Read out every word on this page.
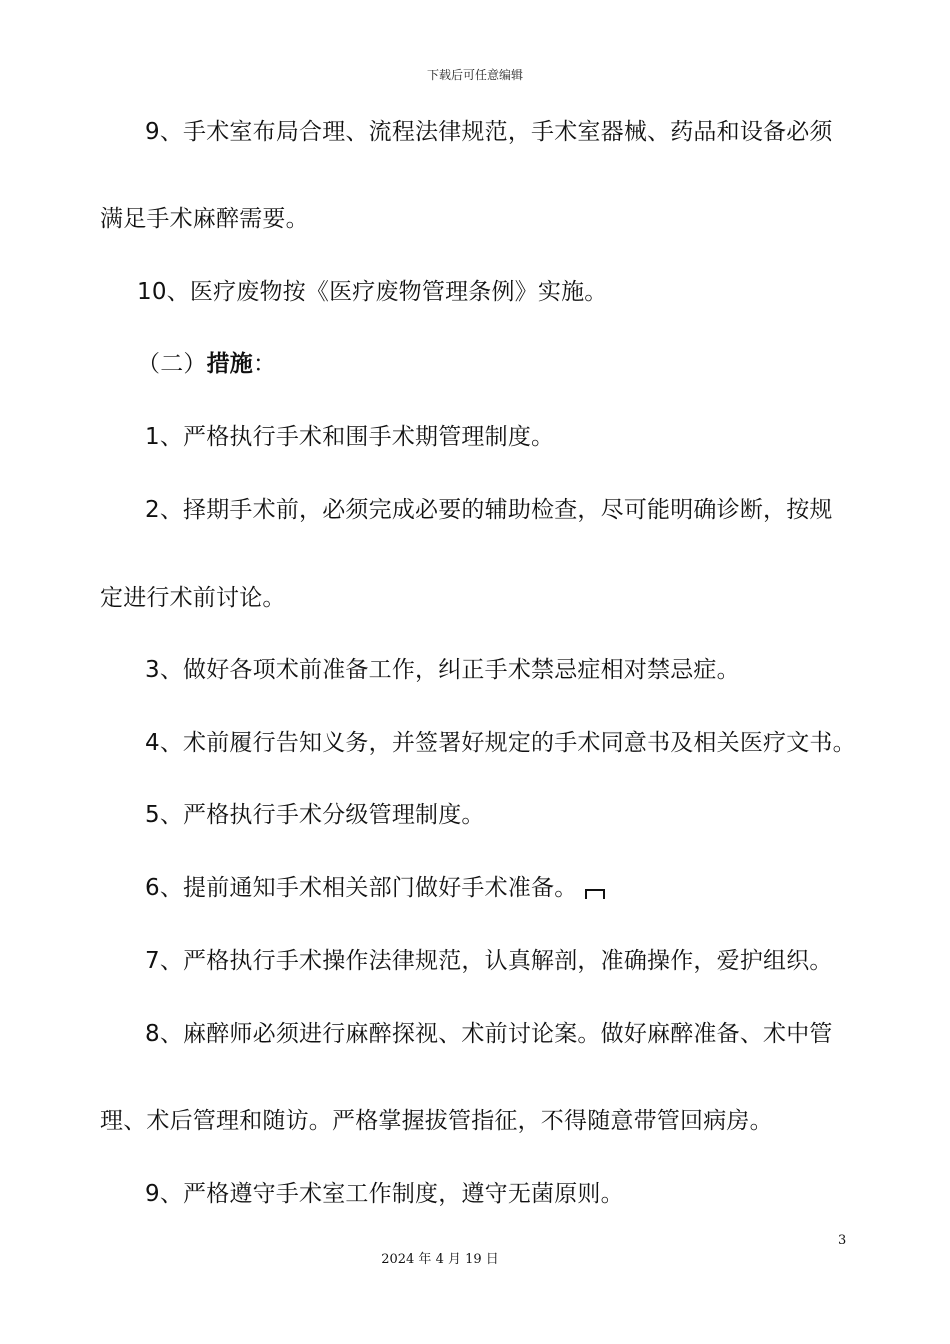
下载后可任意编辑
9、手术室布局合理、流程法律规范，手术室器械、药品和设备必须
满足手术麻醉需要。
10、医疗废物按《医疗废物管理条例》实施。
（二）措施：
1、严格执行手术和围手术期管理制度。
2、择期手术前，必须完成必要的辅助检查，尽可能明确诊断，按规
定进行术前讨论。
3、做好各项术前准备工作，纠正手术禁忌症相对禁忌症。
4、术前履行告知义务，并签署好规定的手术同意书及相关医疗文书。
5、严格执行手术分级管理制度。
6、提前通知手术相关部门做好手术准备。
7、严格执行手术操作法律规范，认真解剖，准确操作，爱护组织。
8、麻醉师必须进行麻醉探视、术前讨论案。做好麻醉准备、术中管
理、术后管理和随访。严格掌握拔管指征，不得随意带管回病房。
9、严格遵守手术室工作制度，遵守无菌原则。
3
2024 年 4 月 19 日
